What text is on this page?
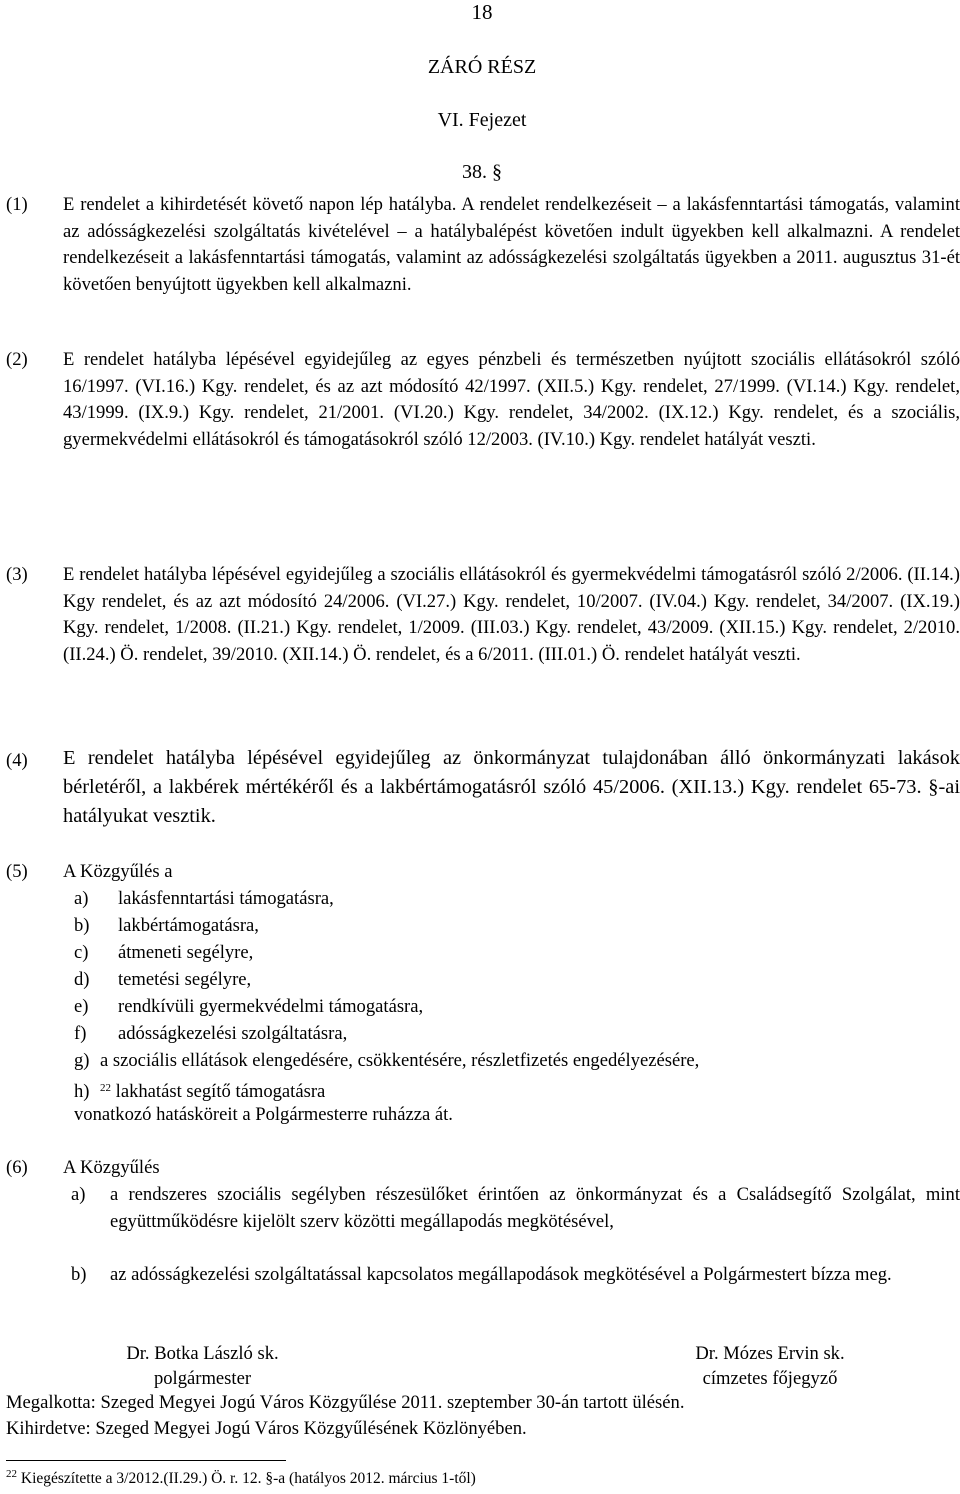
18
ZÁRÓ RÉSZ
VI. Fejezet
38. §
(1) E rendelet a kihirdetését követő napon lép hatályba. A rendelet rendelkezéseit – a lakásfenntartási támogatás, valamint az adósságkezelési szolgáltatás kivételével – a hatálybalépést követően indult ügyekben kell alkalmazni. A rendelet rendelkezéseit a lakásfenntartási támogatás, valamint az adósságkezelési szolgáltatás ügyekben a 2011. augusztus 31-ét követően benyújtott ügyekben kell alkalmazni.
(2) E rendelet hatályba lépésével egyidejűleg az egyes pénzbeli és természetben nyújtott szociális ellátásokról szóló 16/1997. (VI.16.) Kgy. rendelet, és az azt módosító 42/1997. (XII.5.) Kgy. rendelet, 27/1999. (VI.14.) Kgy. rendelet, 43/1999. (IX.9.) Kgy. rendelet, 21/2001. (VI.20.) Kgy. rendelet, 34/2002. (IX.12.) Kgy. rendelet, és a szociális, gyermekvédelmi ellátásokról és támogatásokról szóló 12/2003. (IV.10.) Kgy. rendelet hatályát veszti.
(3) E rendelet hatályba lépésével egyidejűleg a szociális ellátásokról és gyermekvédelmi támogatásról szóló 2/2006. (II.14.) Kgy rendelet, és az azt módosító 24/2006. (VI.27.) Kgy. rendelet, 10/2007. (IV.04.) Kgy. rendelet, 34/2007. (IX.19.) Kgy. rendelet, 1/2008. (II.21.) Kgy. rendelet, 1/2009. (III.03.) Kgy. rendelet, 43/2009. (XII.15.) Kgy. rendelet, 2/2010. (II.24.) Ö. rendelet, 39/2010. (XII.14.) Ö. rendelet, és a 6/2011. (III.01.) Ö. rendelet hatályát veszti.
(4) E rendelet hatályba lépésével egyidejűleg az önkormányzat tulajdonában álló önkormányzati lakások bérletéről, a lakbérek mértékéről és a lakbértámogatásról szóló 45/2006. (XII.13.) Kgy. rendelet 65-73. §-ai hatályukat vesztik.
(5) A Közgyűlés a
a) lakásfenntartási támogatásra,
b) lakbértámogatásra,
c) átmeneti segélyre,
d) temetési segélyre,
e) rendkívüli gyermekvédelmi támogatásra,
f) adósságkezelési szolgáltatásra,
g) a szociális ellátások elengedésére, csökkentésére, részletfizetés engedélyezésére,
h) $^{22}$ lakhatást segítő támogatásra
vonatkozó hatásköreit a Polgármesterre ruházza át.
(6) A Közgyűlés
a) a rendszeres szociális segélyben részesülőket érintően az önkormányzat és a Családsegítő Szolgálat, mint együttműködésre kijelölt szerv közötti megállapodás megkötésével,
b) az adósságkezelési szolgáltatással kapcsolatos megállapodások megkötésével a Polgármestert bízza meg.
Dr. Botka László sk.
polgármester
Dr. Mózes Ervin sk.
címzetes főjegyző
Megalkotta: Szeged Megyei Jogú Város Közgyűlése 2011. szeptember 30-án tartott ülésén.
Kihirdetve: Szeged Megyei Jogú Város Közgyűlésének Közlönyében.
$^{22}$ Kiegészítette a 3/2012.(II.29.) Ö. r. 12. §-a (hatályos 2012. március 1-től)
